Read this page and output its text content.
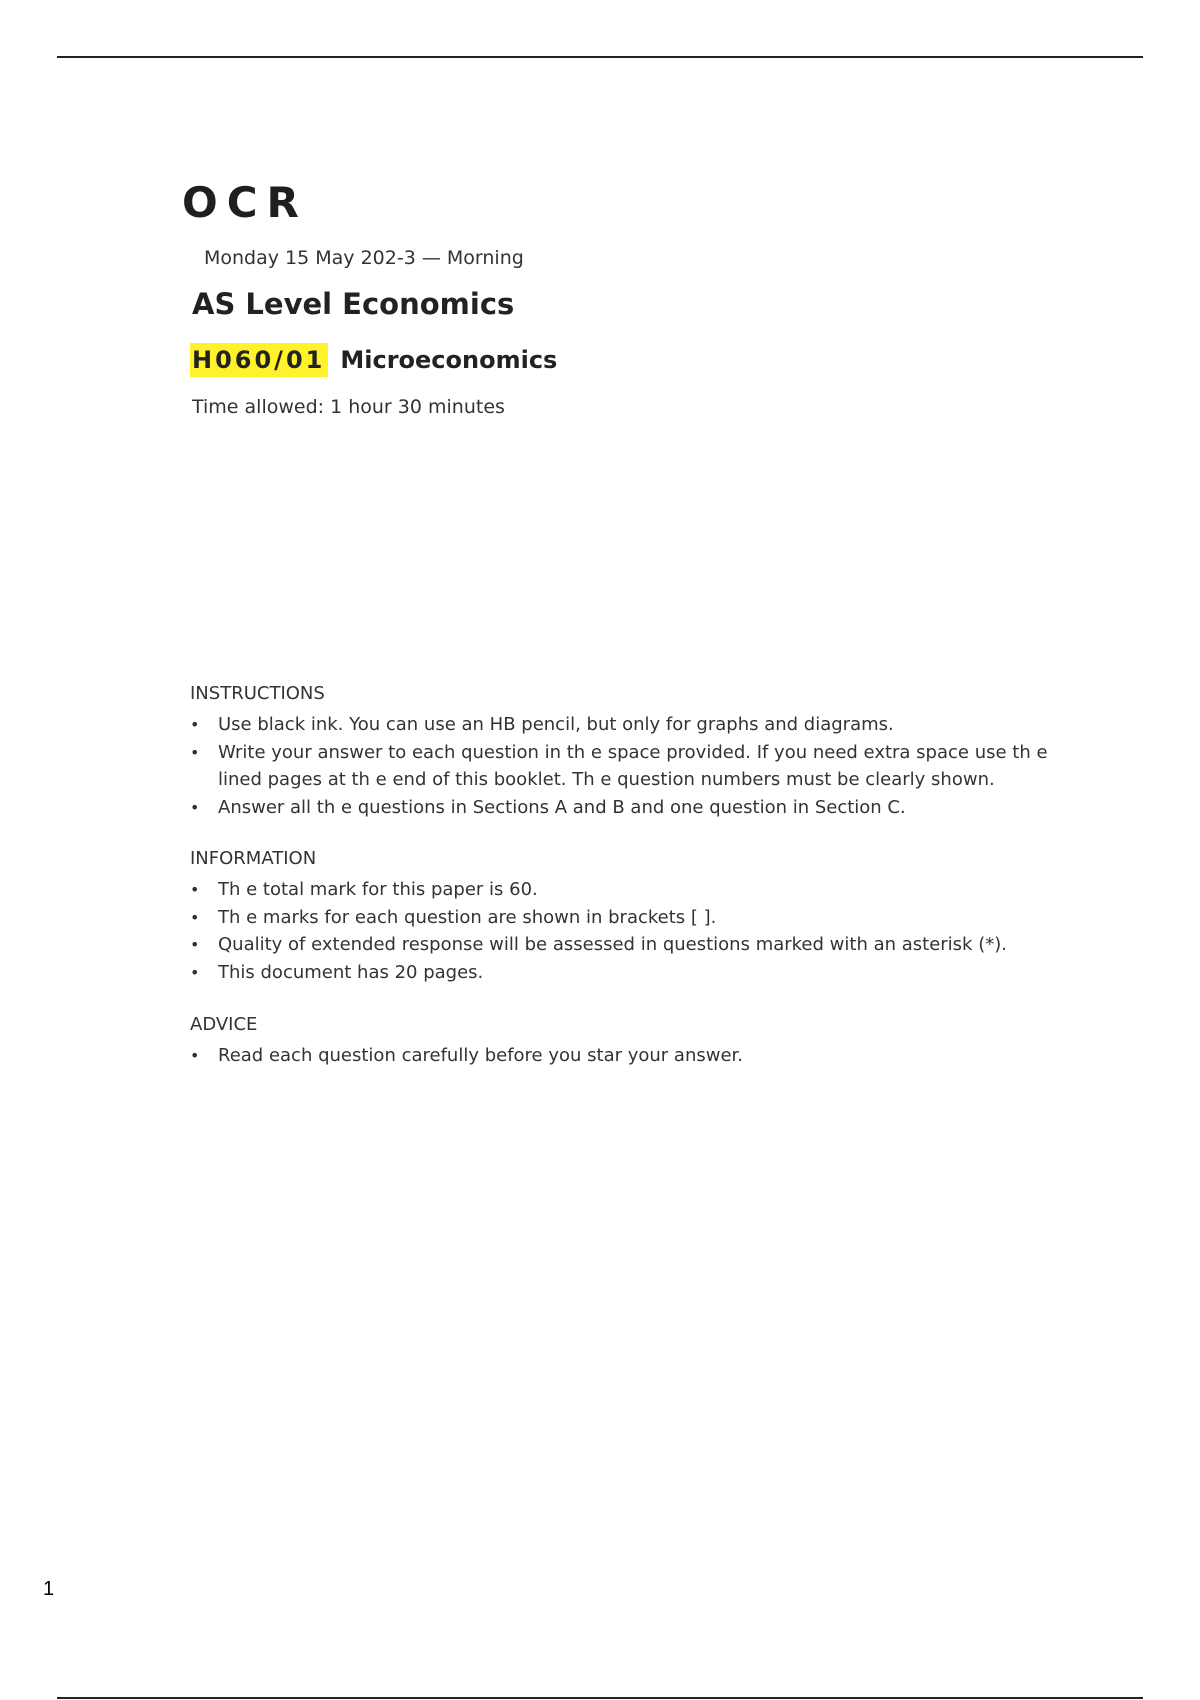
OCR
Monday 15 May 202-3 — Morning
AS Level Economics
H060/01 Microeconomics
Time allowed: 1 hour 30 minutes
INSTRUCTIONS
• Use black ink. You can use an HB pencil, but only for graphs and diagrams.
• Write your answer to each question in th e space provided. If you need extra space use th e lined pages at th e end of this booklet. Th e question numbers must be clearly shown.
• Answer all th e questions in Sections A and B and one question in Section C.
INFORMATION
• Th e total mark for this paper is 60.
• Th e marks for each question are shown in brackets [ ].
• Quality of extended response will be assessed in questions marked with an asterisk (*).
• This document has 20 pages.
ADVICE
• Read each question carefully before you star your answer.
1
